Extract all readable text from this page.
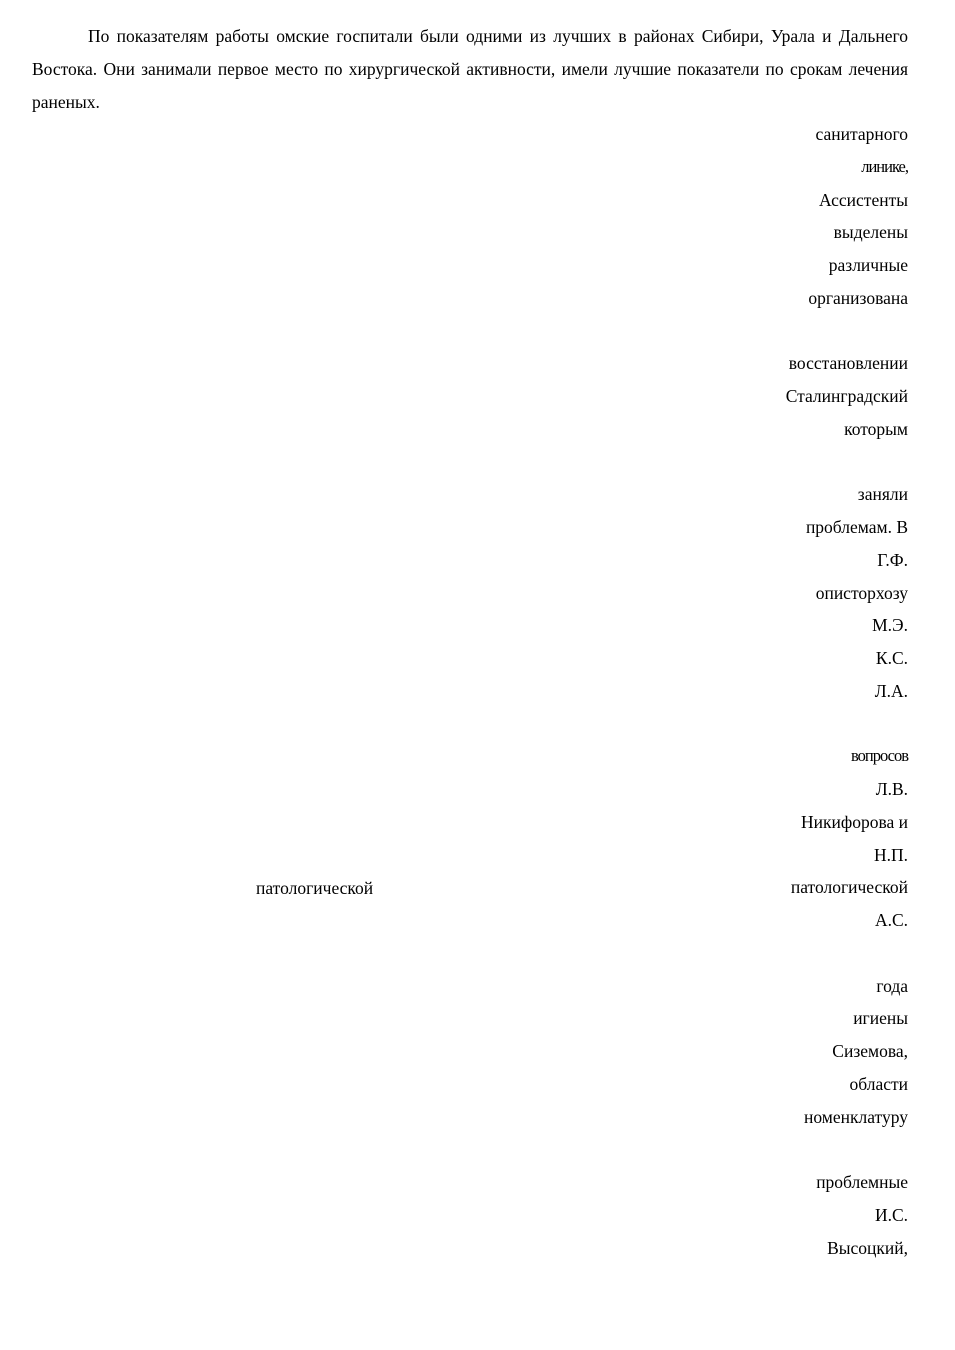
По показателям работы омские госпитали были одними из лучших в районах Сибири, Урала и Дальнего Востока. Они занимали первое место по хирургической активности, имели лучшие показатели по срокам лечения раненых.

санитарного
линике,
Ассистенты
выделены
различные
организована
восстановлении
Сталинградский
которым
заняли
проблемам. В
Г.Ф.
описторхозу
М.Э.
К.С.
Л.А.
вопросов
Л.В.
Никифорова и
Н.П.
патологической
А.С.
года
игиены
Сиземова,
области
номенклатуру
проблемные
И.С.
Высоцкий,
патологической
